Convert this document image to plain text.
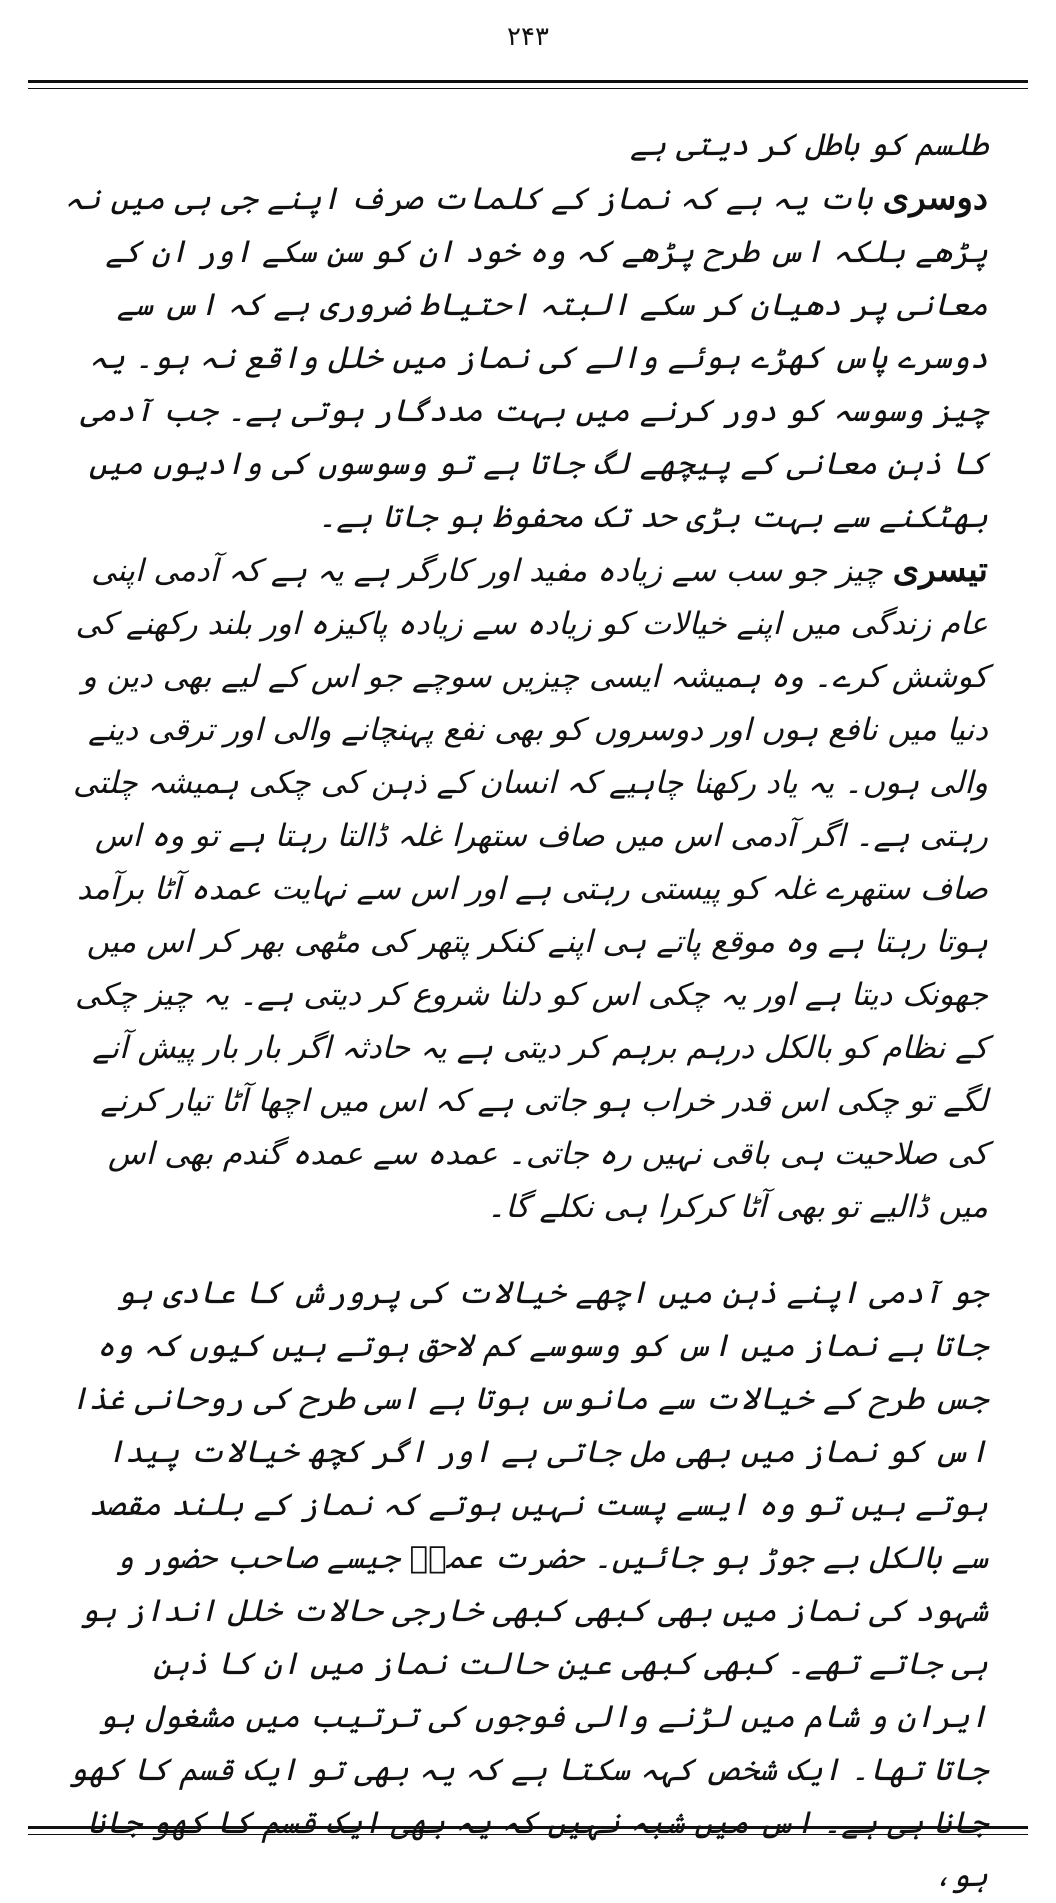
۲۴۳

طلسم کو باطل کر دیتی ہے

دوسری بات یہ ہے کہ نماز کے کلمات صرف اپنے جی ہی میں نہ پڑھے بلکہ اس طرح پڑھے کہ وہ خود ان کو سن سکے اور ان کے معانی پر دھیان کر سکے البتہ احتیاط ضروری ہے کہ اس سے دوسرے پاس کھڑے ہوئے والے کی نماز میں خلل واقع نہ ہو۔ یہ چیز وسوسہ کو دور کرنے میں بہت مددگار ہوتی ہے۔ جب آدمی کا ذہن معانی کے پیچھے لگ جاتا ہے تو وسوسوں کی وادیوں میں بھٹکنے سے بہت بڑی حد تک محفوظ ہو جاتا ہے۔

تیسری چیز جو سب سے زیادہ مفید اور کارگر ہے یہ ہے کہ آدمی اپنی عام زندگی میں اپنے خیالات کو زیادہ سے زیادہ پاکیزہ اور بلند رکھنے کی کوشش کرے۔ وہ ہمیشہ ایسی چیزیں سوچے جو اس کے لیے بھی دین و دنیا میں نافع ہوں اور دوسروں کو بھی نفع پہنچانے والی اور ترقی دینے والی ہوں۔ یہ یاد رکھنا چاہیے کہ انسان کے ذہن کی چکی ہمیشہ چلتی رہتی ہے۔ اگر آدمی اس میں صاف ستھرا غلہ ڈالتا رہتا ہے تو وہ اس صاف ستھرے غلہ کو پیستی رہتی ہے اور اس سے نہایت عمدہ آٹا برآمد ہوتا رہتا ہے وہ موقع پاتے ہی اپنے کنکر پتھر کی مٹھی بھر کر اس میں جھونک دیتا ہے اور یہ چکی اس کو دلنا شروع کر دیتی ہے۔ یہ چیز چکی کے نظام کو بالکل درہم برہم کر دیتی ہے یہ حادثہ اگر بار بار پیش آنے لگے تو چکی اس قدر خراب ہو جاتی ہے کہ اس میں اچھا آٹا تیار کرنے کی صلاحیت ہی باقی نہیں رہ جاتی۔ عمدہ سے عمدہ گندم بھی اس میں ڈالیے تو بھی آٹا کرکرا ہی نکلے گا۔

جو آدمی اپنے ذہن میں اچھے خیالات کی پرورش کا عادی ہو جاتا ہے نماز میں اس کو وسوسے کم لاحق ہوتے ہیں کیوں کہ وہ جس طرح کے خیالات سے مانوس ہوتا ہے اسی طرح کی روحانی غذا اس کو نماز میں بھی مل جاتی ہے اور اگر کچھ خیالات پیدا ہوتے ہیں تو وہ ایسے پست نہیں ہوتے کہ نماز کے بلند مقصد سے بالکل بے جوڑ ہو جائیں۔ حضرت عمرؓ جیسے صاحب حضور و شہود کی نماز میں بھی کبھی کبھی خارجی حالات خلل انداز ہو ہی جاتے تھے۔ کبھی کبھی عین حالت نماز میں ان کا ذہن ایران و شام میں لڑنے والی فوجوں کی ترتیب میں مشغول ہو جاتا تھا۔ ایک شخص کہہ سکتا ہے کہ یہ بھی تو ایک قسم کا کھو جانا ہی ہے۔ اس میں شبہ نہیں کہ یہ بھی ایک قسم کا کھو جانا ہو،
